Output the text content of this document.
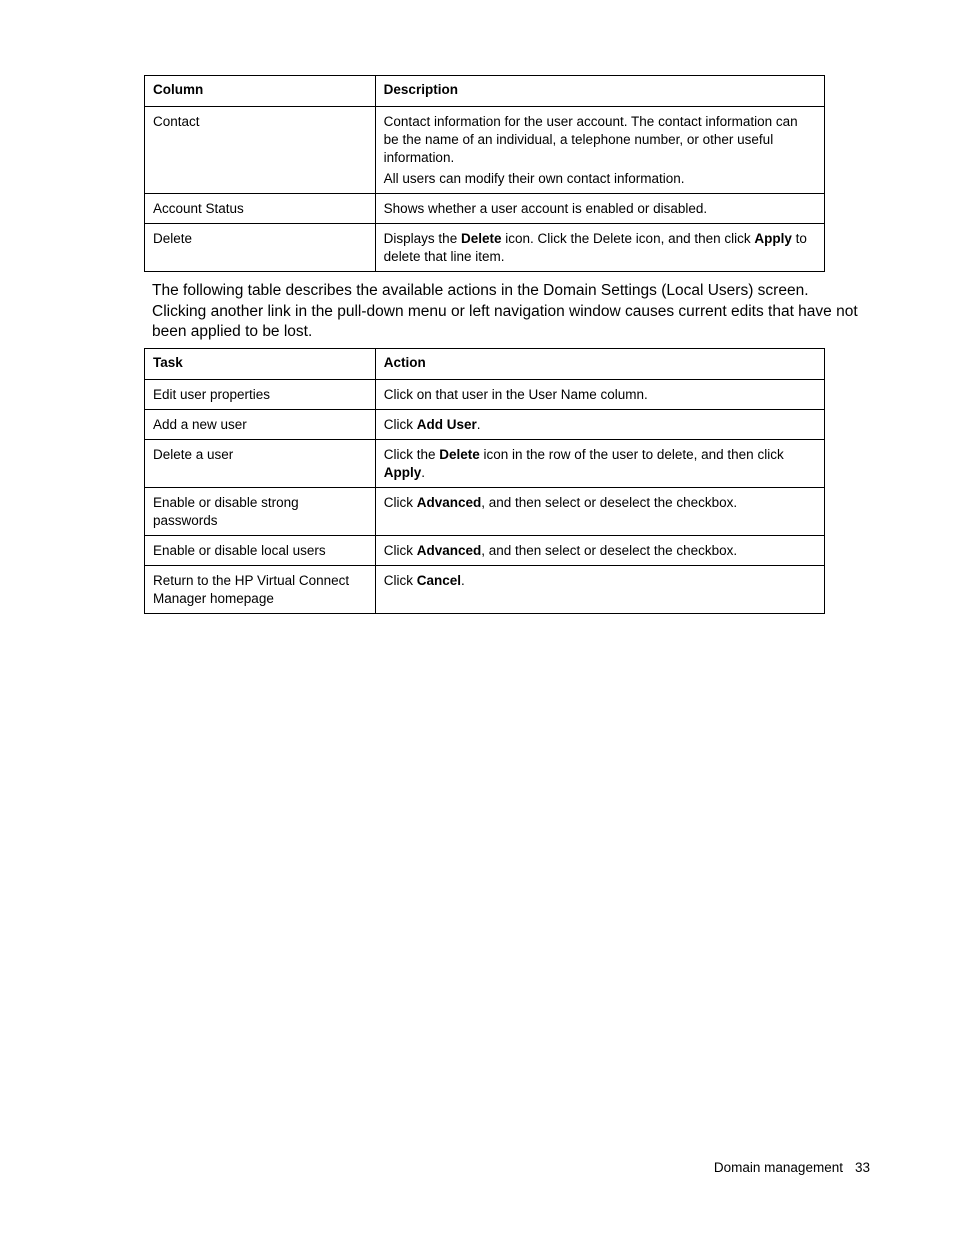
Column	Description
Contact	Contact information for the user account. The contact information can be the name of an individual, a telephone number, or other useful information.

All users can modify their own contact information.

Account Status	Shows whether a user account is enabled or disabled.

Delete	Displays the Delete icon. Click the Delete icon, and then click Apply to delete that line item.

The following table describes the available actions in the Domain Settings (Local Users) screen. Clicking another link in the pull-down menu or left navigation window causes current edits that have not been applied to be lost.

Task	Action
Edit user properties	Click on that user in the User Name column.
Add a new user	Click Add User.
Delete a user	Click the Delete icon in the row of the user to delete, and then click Apply.
Enable or disable strong passwords	Click Advanced, and then select or deselect the checkbox.
Enable or disable local users	Click Advanced, and then select or deselect the checkbox.
Return to the HP Virtual Connect Manager homepage	Click Cancel.
Domain management 33
